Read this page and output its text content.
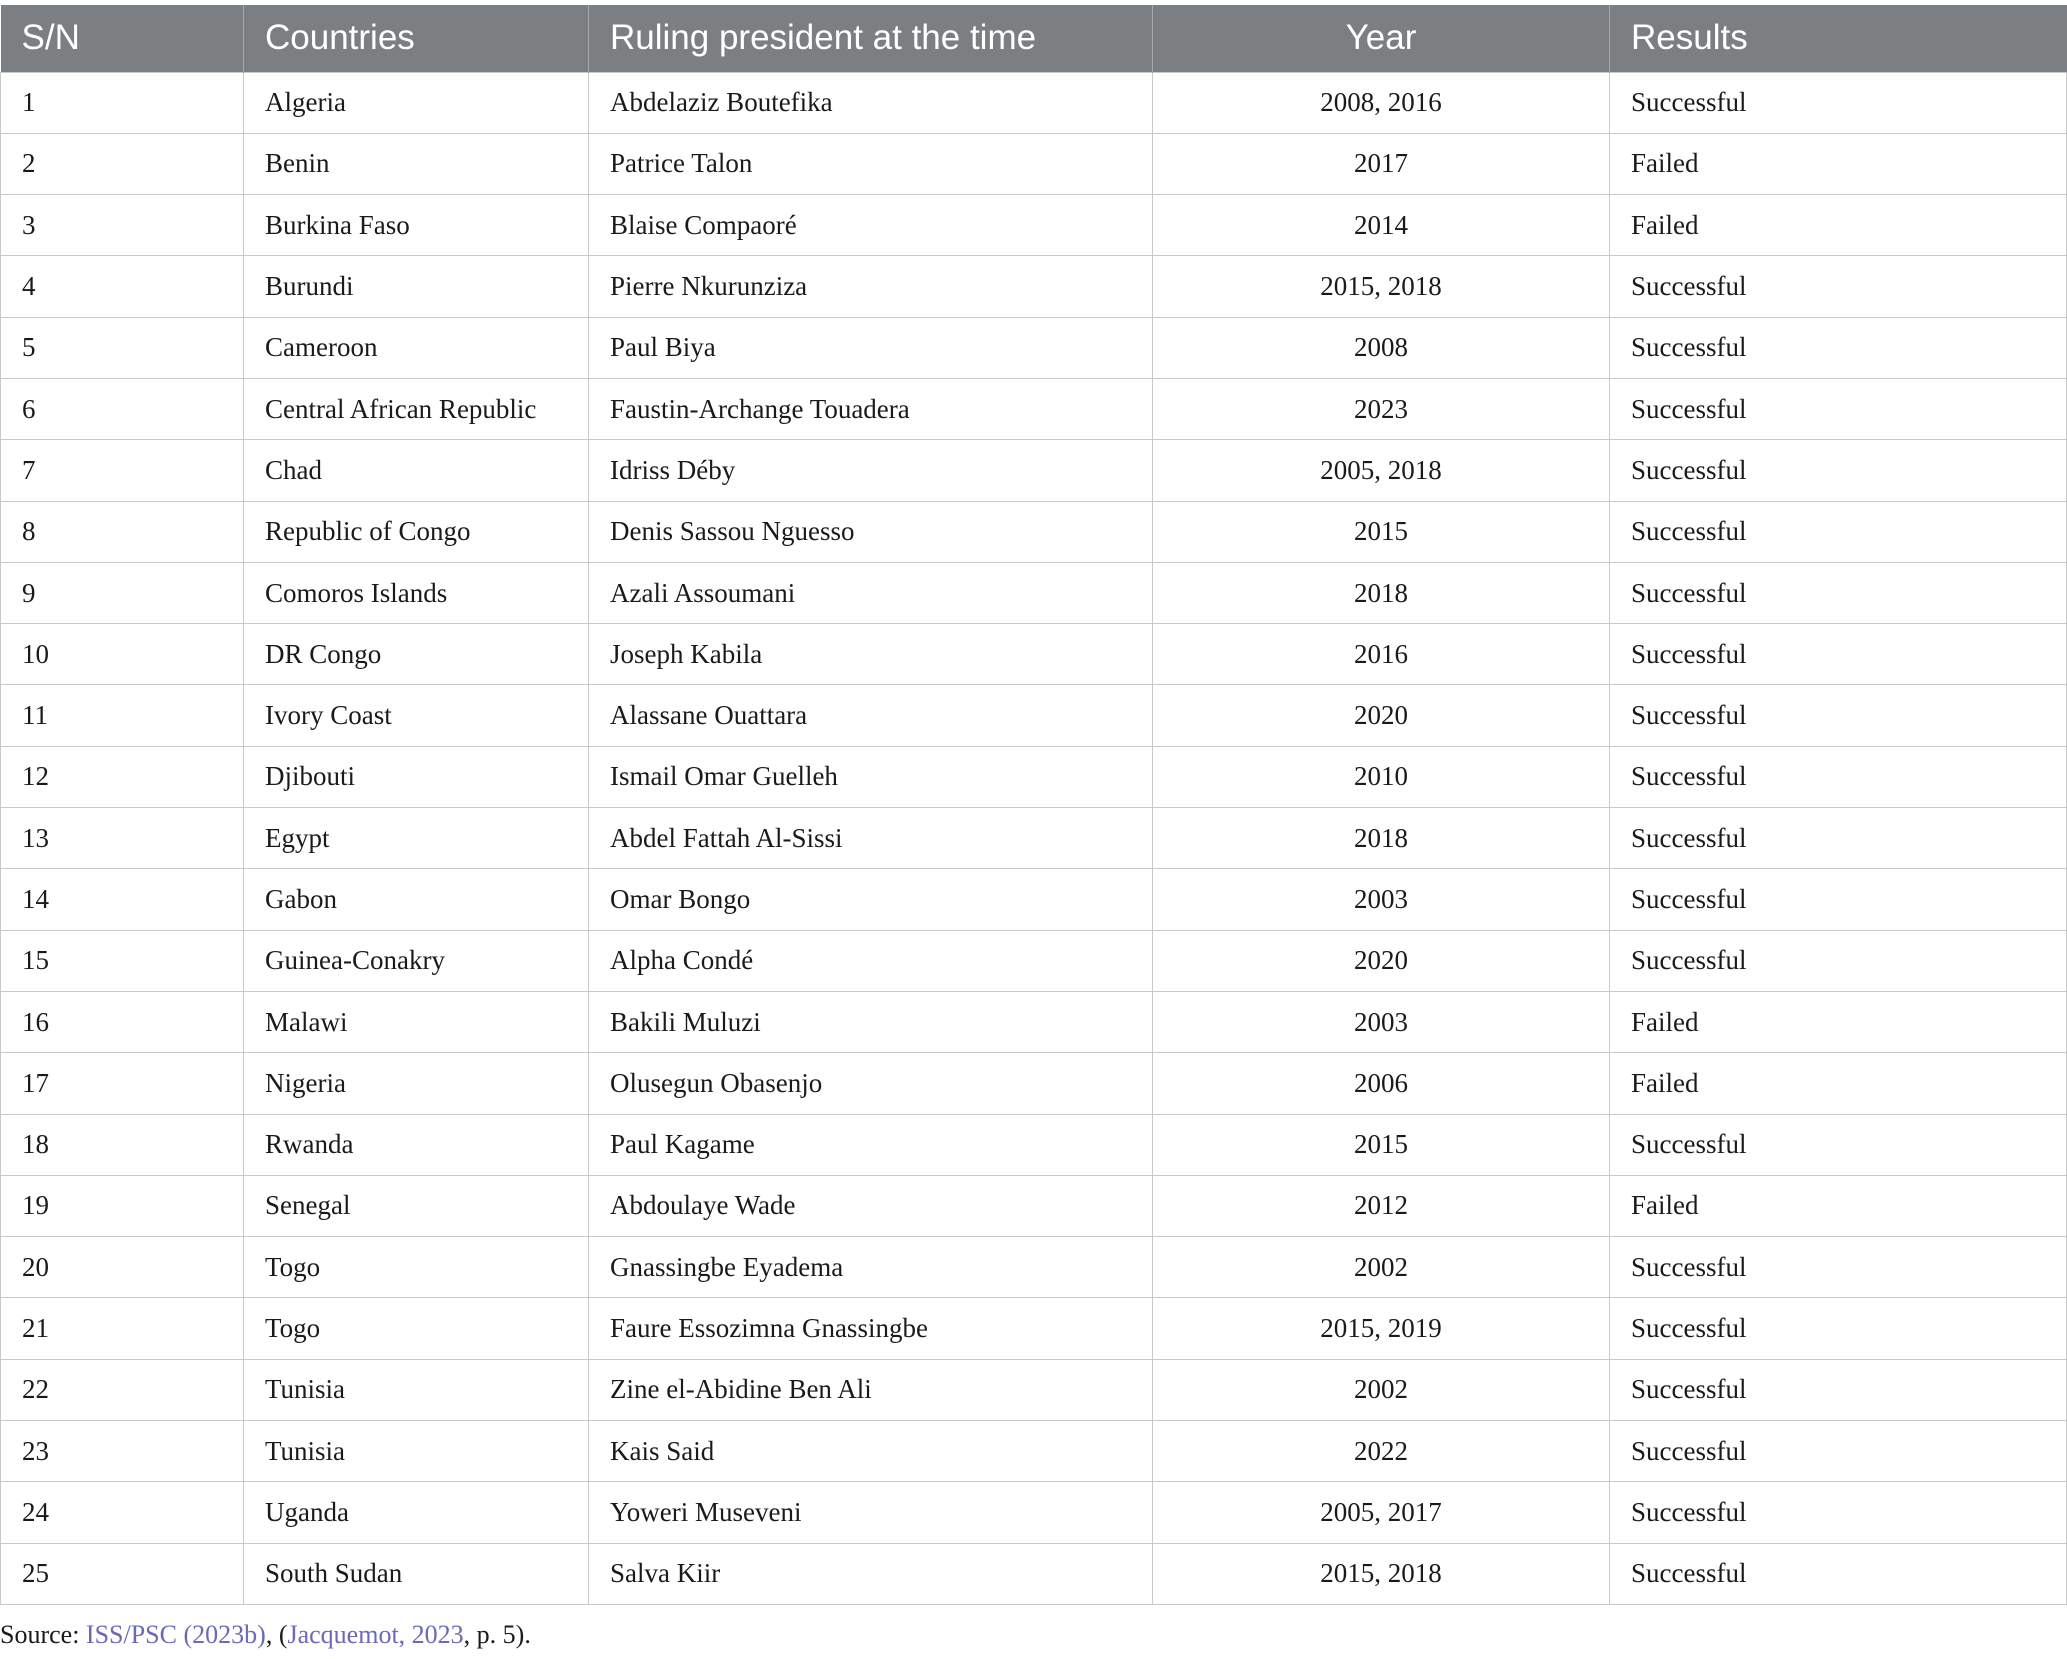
S/N	Countries	Ruling president at the time	Year	Results
1	Algeria	Abdelaziz Boutefika	2008, 2016	Successful
2	Benin	Patrice Talon	2017	Failed
3	Burkina Faso	Blaise Compaoré	2014	Failed
4	Burundi	Pierre Nkurunziza	2015, 2018	Successful
5	Cameroon	Paul Biya	2008	Successful
6	Central African Republic	Faustin-Archange Touadera	2023	Successful
7	Chad	Idriss Déby	2005, 2018	Successful
8	Republic of Congo	Denis Sassou Nguesso	2015	Successful
9	Comoros Islands	Azali Assoumani	2018	Successful
10	DR Congo	Joseph Kabila	2016	Successful
11	Ivory Coast	Alassane Ouattara	2020	Successful
12	Djibouti	Ismail Omar Guelleh	2010	Successful
13	Egypt	Abdel Fattah Al-Sissi	2018	Successful
14	Gabon	Omar Bongo	2003	Successful
15	Guinea-Conakry	Alpha Condé	2020	Successful
16	Malawi	Bakili Muluzi	2003	Failed
17	Nigeria	Olusegun Obasenjo	2006	Failed
18	Rwanda	Paul Kagame	2015	Successful
19	Senegal	Abdoulaye Wade	2012	Failed
20	Togo	Gnassingbe Eyadema	2002	Successful
21	Togo	Faure Essozimna Gnassingbe	2015, 2019	Successful
22	Tunisia	Zine el-Abidine Ben Ali	2002	Successful
23	Tunisia	Kais Said	2022	Successful
24	Uganda	Yoweri Museveni	2005, 2017	Successful
25	South Sudan	Salva Kiir	2015, 2018	Successful
Source: ISS/PSC (2023b), (Jacquemot, 2023, p. 5).
